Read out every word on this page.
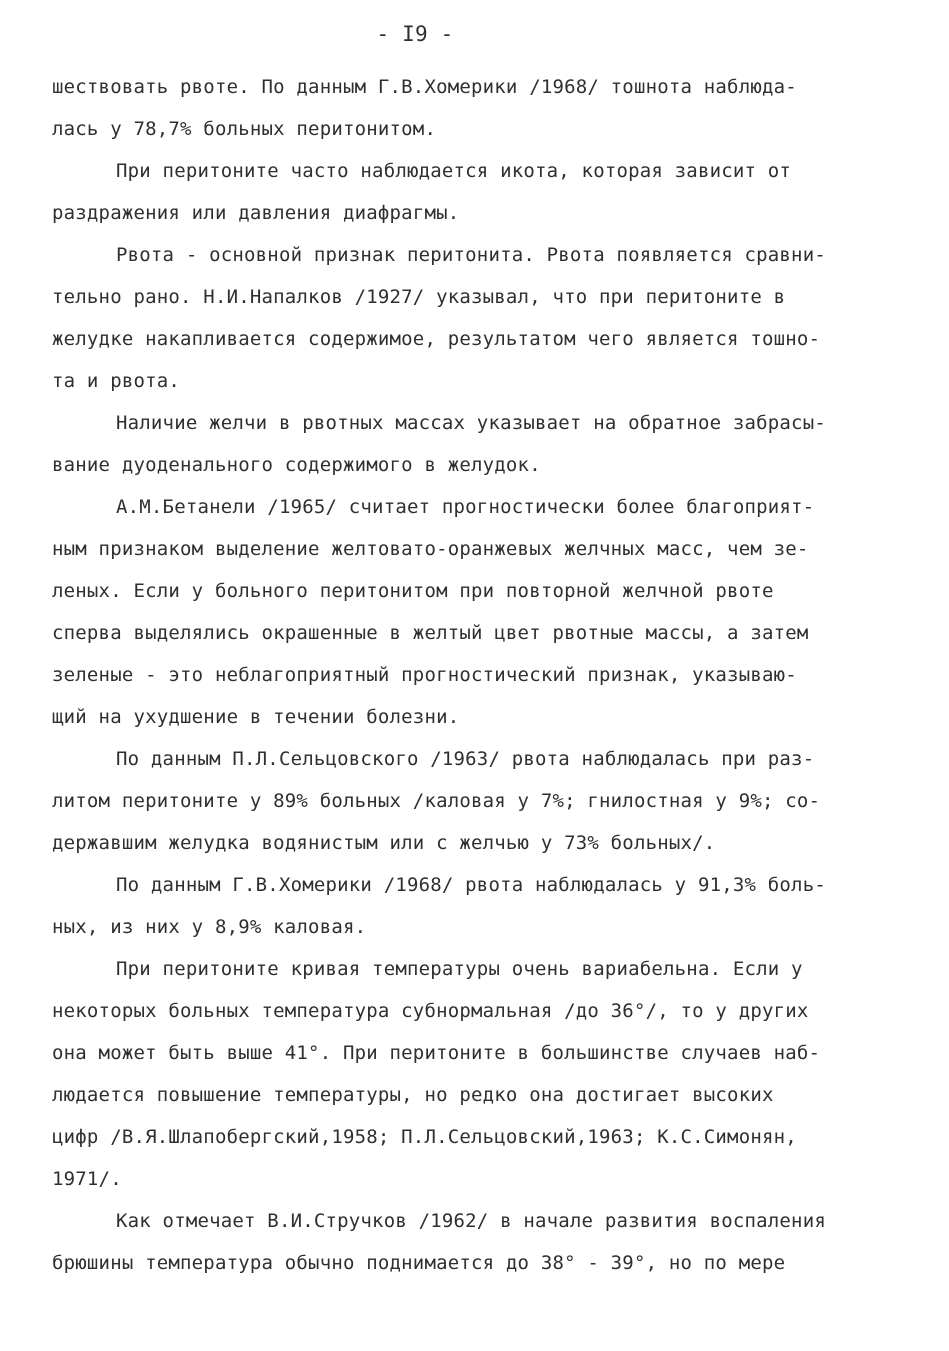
- I9 -
шествовать рвоте. По данным Г.В.Хомерики /1968/ тошнота наблюда-
лась у 78,7% больных перитонитом.
При перитоните часто наблюдается икота, которая зависит от
раздражения или давления диафрагмы.
Рвота - основной признак перитонита. Рвота появляется сравни-
тельно рано. Н.И.Напалков /1927/ указывал, что при перитоните в
желудке накапливается содержимое, результатом чего является тошно-
та и рвота.
Наличие желчи в рвотных массах указывает на обратное забрасы-
вание дуоденального содержимого в желудок.
А.М.Бетанели /1965/ считает прогностически более благоприят-
ным признаком выделение желтовато-оранжевых желчных масс, чем зе-
леных. Если у больного перитонитом при повторной желчной рвоте
сперва выделялись окрашенные в желтый цвет рвотные массы, а затем
зеленые - это неблагоприятный прогностический признак, указываю-
щий на ухудшение в течении болезни.
По данным П.Л.Сельцовского /1963/ рвота наблюдалась при раз-
литом перитоните у 89% больных /каловая у 7%; гнилостная у 9%; со-
державшим желудка водянистым или с желчью у 73% больных/.
По данным Г.В.Хомерики /1968/ рвота наблюдалась у 91,3% боль-
ных, из них у 8,9% каловая.
При перитоните кривая температуры очень вариабельна. Если у
некоторых больных температура субнормальная /до 36°/, то у других
она может быть выше 41°. При перитоните в большинстве случаев наб-
людается повышение температуры, но редко она достигает высоких
цифр /В.Я.Шлапобергский,1958; П.Л.Сельцовский,1963; К.С.Симонян,
1971/.
Как отмечает В.И.Стручков /1962/ в начале развития воспаления
брюшины температура обычно поднимается до 38° - 39°, но по мере
